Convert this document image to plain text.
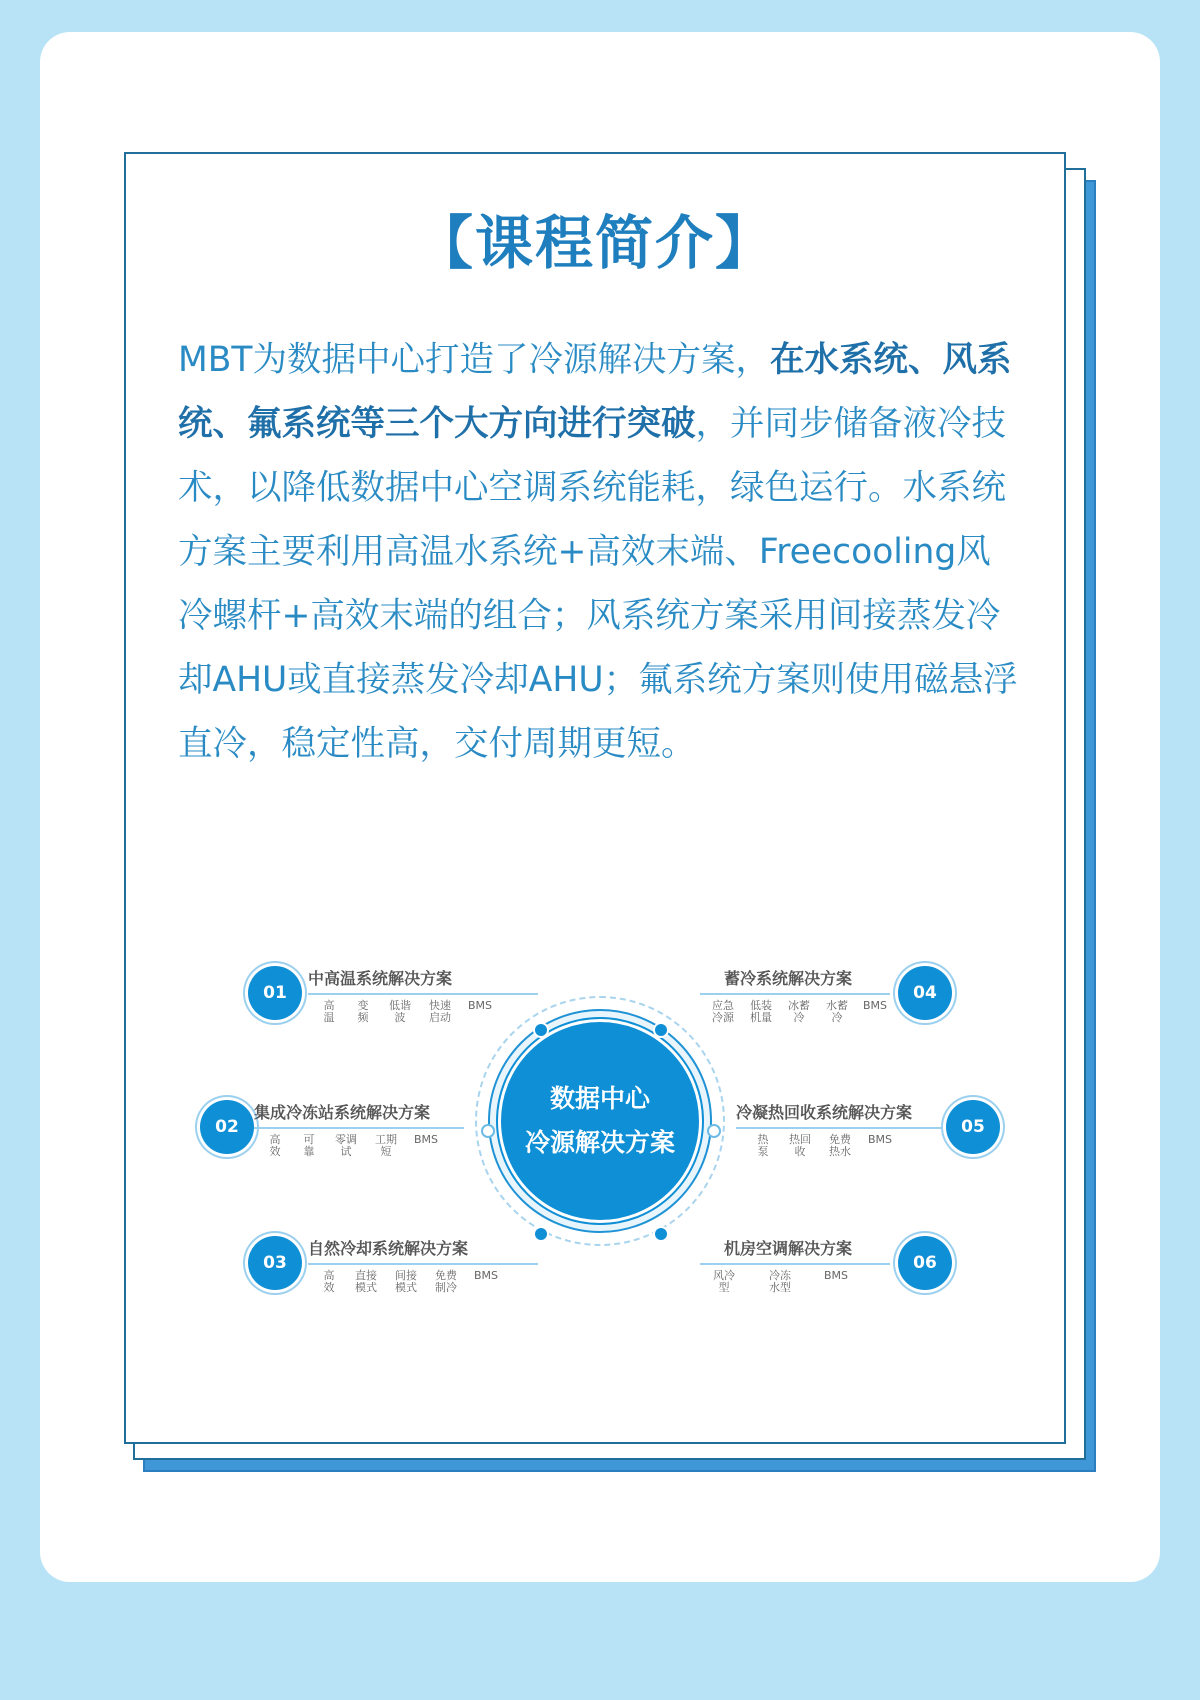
【课程简介】
MBT为数据中心打造了冷源解决方案，在水系统、风系统、氟系统等三个大方向进行突破，并同步储备液冷技术，以降低数据中心空调系统能耗，绿色运行。水系统方案主要利用高温水系统+高效末端、Freecooling风冷螺杆+高效末端的组合；风系统方案采用间接蒸发冷却AHU或直接蒸发冷却AHU；氟系统方案则使用磁悬浮直冷，稳定性高，交付周期更短。
数据中心
冷源解决方案
01
中高温系统解决方案
高
温
变
频
低谐
波
快速
启动
BMS
02
集成冷冻站系统解决方案
高
效
可
靠
零调
试
工期
短
BMS
03
自然冷却系统解决方案
高
效
直接
模式
间接
模式
免费
制冷
BMS
蓄冷系统解决方案
应急
冷源
低装
机量
冰蓄
冷
水蓄
冷
BMS
04
冷凝热回收系统解决方案
热
泵
热回
收
免费
热水
BMS
05
机房空调解决方案
风冷
型
冷冻
水型
BMS
06
